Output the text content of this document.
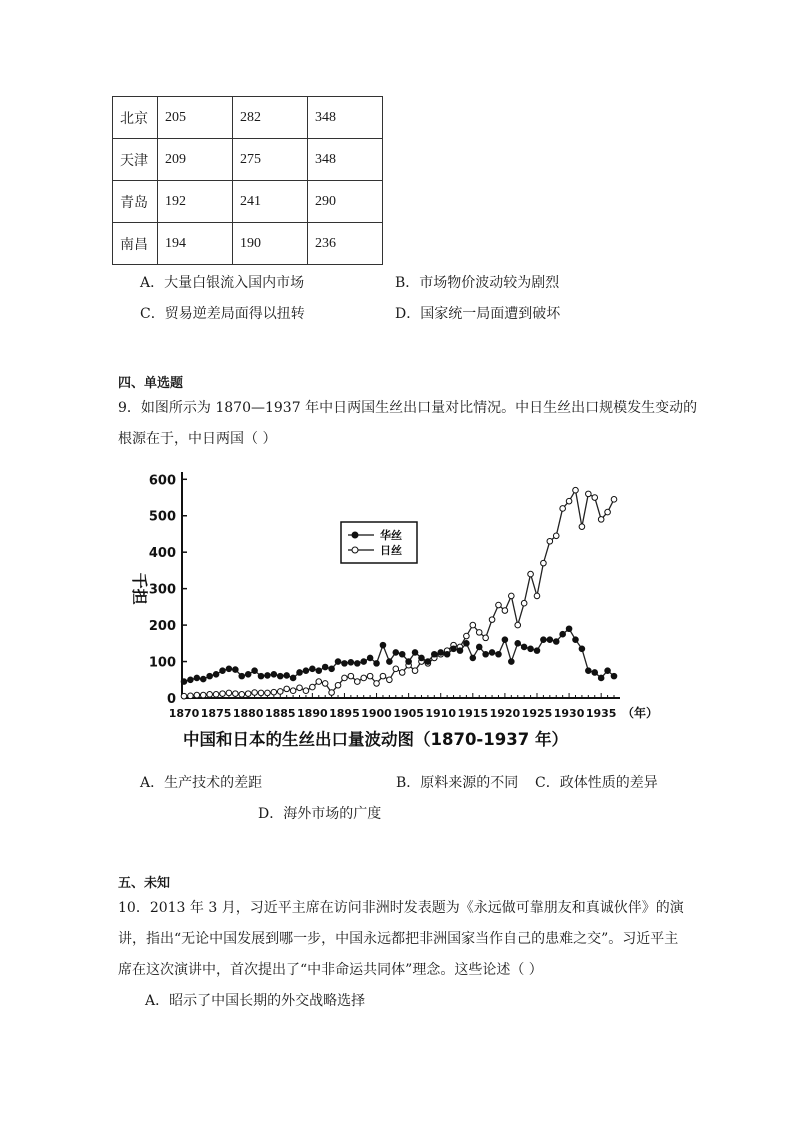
北京	205	282	348
天津	209	275	348
青岛	192	241	290
南昌	194	190	236
A．大量白银流入国内市场	B．市场物价波动较为剧烈
C．贸易逆差局面得以扭转	D．国家统一局面遭到破坏
四、单选题
9．如图所示为 1870—1937 年中日两国生丝出口量对比情况。中日生丝出口规模发生变动的
根源在于，中日两国（ ）
0
100
200
300
400
500
600
1870 1875 1880 1885 1890 1895 1900 1905 1910 1915 1920 1925 1930 1935
千担
（年）
华丝
日丝
中国和日本的生丝出口量波动图（1870-1937 年）
A．生产技术的差距	B．原料来源的不同 C．政体性质的差异
D．海外市场的广度
五、未知
10．2013 年 3 月，习近平主席在访问非洲时发表题为《永远做可靠朋友和真诚伙伴》的演
讲，指出“无论中国发展到哪一步，中国永远都把非洲国家当作自己的患难之交”。习近平主
席在这次演讲中，首次提出了“中非命运共同体”理念。这些论述（ ）
A．昭示了中国长期的外交战略选择
